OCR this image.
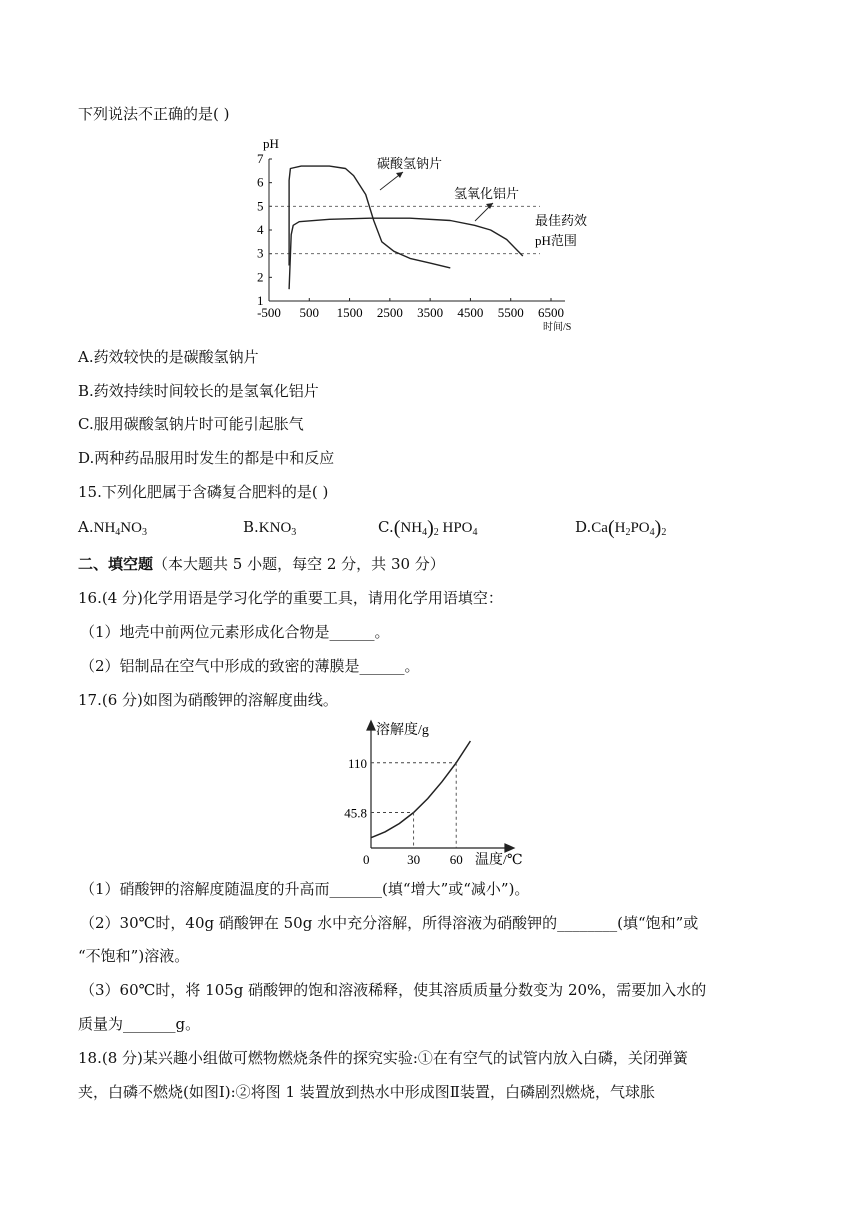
下列说法不正确的是( )
pH
1
2
3
4
5
6
7
-500 500 1500 2500 3500 4500 5500 6500
时间/S
碳酸氢钠片
氢氧化铝片
最佳药效
pH范围
A.药效较快的是碳酸氢钠片
B.药效持续时间较长的是氢氧化铝片
C.服用碳酸氢钠片时可能引起胀气
D.两种药品服用时发生的都是中和反应
15.下列化肥属于含磷复合肥料的是( )
$A.NH_4NO_3$	$B.KNO_3$	$C.(NH_4)_2$ $HPO_4$	$D.Ca(H_2PO_4)_2$
二、填空题（本大题共 5 小题，每空 2 分，共 30 分）
16.(4 分)化学用语是学习化学的重要工具，请用化学用语填空：
（1）地壳中前两位元素形成化合物是______。
（2）铝制品在空气中形成的致密的薄膜是______。
17.(6 分)如图为硝酸钾的溶解度曲线。
溶解度/g
0
45.8
30
110
60 温度/℃
（1）硝酸钾的溶解度随温度的升高而_______(填“增大”或“减小”)。
（2）30℃时，40g 硝酸钾在 50g 水中充分溶解，所得溶液为硝酸钾的________(填“饱和”或
“不饱和”)溶液。
（3）60℃时，将 105g 硝酸钾的饱和溶液稀释，使其溶质质量分数变为 20%，需要加入水的
质量为_______g。
18.(8 分)某兴趣小组做可燃物燃烧条件的探究实验:①在有空气的试管内放入白磷，关闭弹簧
夹，白磷不燃烧(如图Ⅰ):②将图 1 装置放到热水中形成图Ⅱ装置，白磷剧烈燃烧，气球胀
